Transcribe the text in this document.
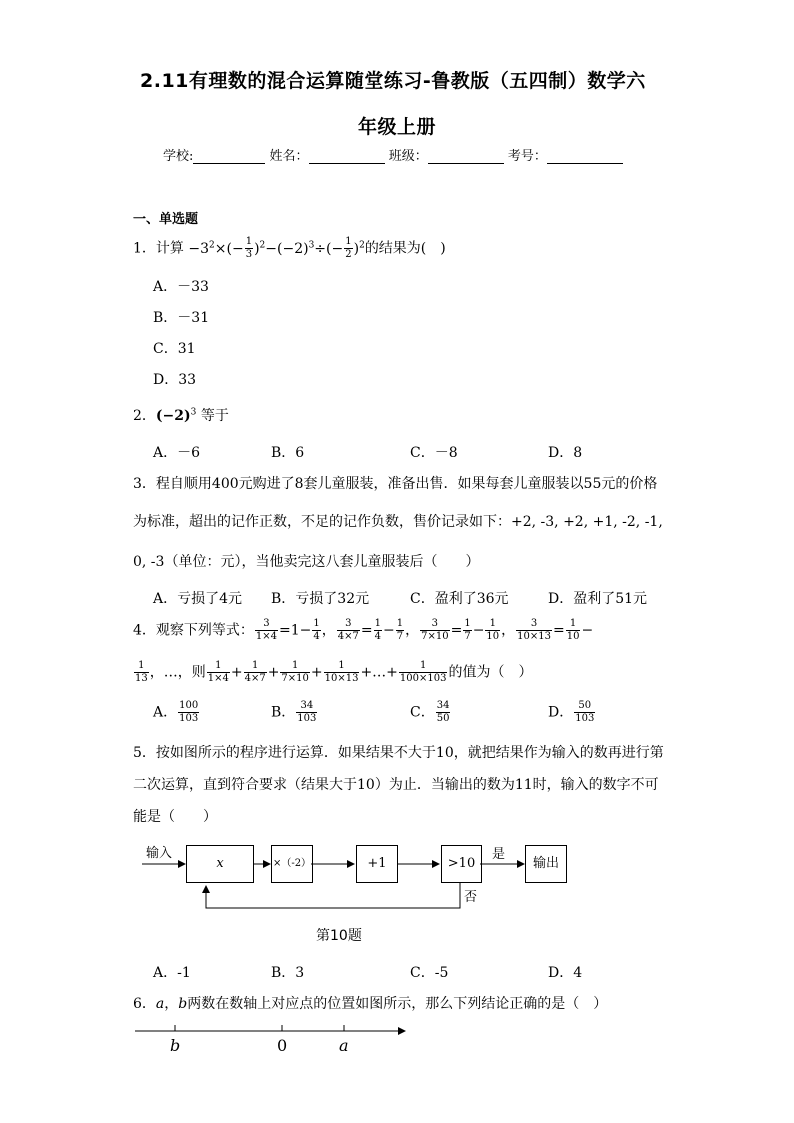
2.11有理数的混合运算随堂练习-鲁教版（五四制）数学六
年级上册
学校:	姓名：	班级：	考号：
一、单选题
1．计算 $-3^2\times(- \frac{1}{3} )^2-(-2)^3\div(- \frac{1}{2} )^2$的结果为(　)
A．－33
B．－31
C．31
D．33
2．$(-2)^3$ 等于
A．－6	B．6	C．－8	D．8
3．程自顺用400元购进了8套儿童服装，准备出售．如果每套儿童服装以55元的价格
为标准，超出的记作正数，不足的记作负数，售价记录如下：+2, -3, +2, +1, -2, -1,
0, -3（单位：元），当他卖完这八套儿童服装后（　　）
A．亏损了4元 B．亏损了32元	C．盈利了36元	D．盈利了51元
4．观察下列等式： $\frac{3}{1\times 4} =1- \frac{1}{4}$ ， $\frac{3}{4\times 7} = \frac{1}{4} - \frac{1}{7}$ ， $\frac{3}{7\times 10} = \frac{1}{7} - \frac{1}{10}$ ， $\frac{3}{10\times 13} = \frac{1}{10}$ −
$\frac{1}{13}$ ，…，则 $\frac{1}{1\times 4} + \frac{1}{4\times 7} + \frac{1}{7\times 10} + \frac{1}{10\times 13}$ +…+ $\frac{1}{100\times 103}$ 的值为（　）
A． $\frac{100}{103}$	B． $\frac{34}{103}$	C． $\frac{34}{50}$	D． $\frac{50}{103}$
5．按如图所示的程序进行运算．如果结果不大于10，就把结果作为输入的数再进行第
二次运算，直到符合要求（结果大于10）为止．当输出的数为11时，输入的数字不可
能是（　　）
输入
x	×（-2）	+1	>10
是
输出
否
第10题
A．-1	B．3	C．-5	D．4
6．a，b两数在数轴上对应点的位置如图所示，那么下列结论正确的是（　）
b	0	a
